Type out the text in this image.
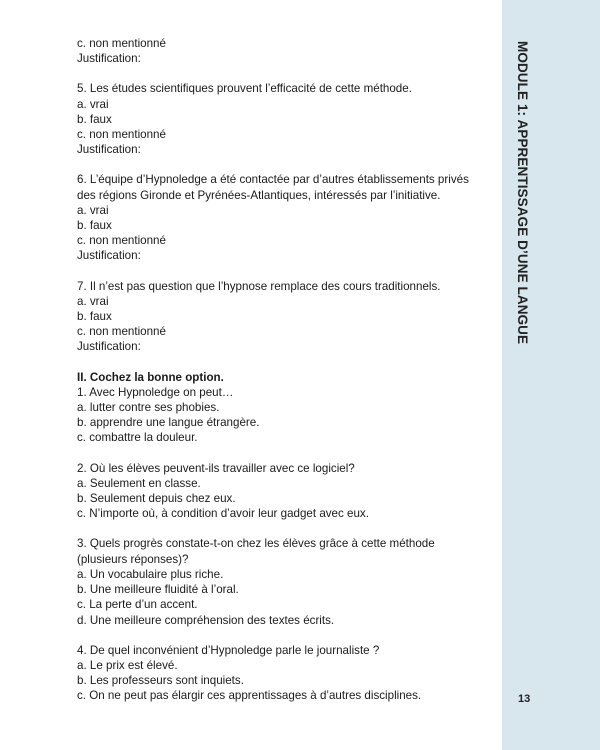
c. non mentionné
Justification:
5. Les études scientifiques prouvent l’efficacité de cette méthode.
a. vrai
b. faux
c. non mentionné
Justification:
6. L’équipe d’Hypnoledge a été contactée par d’autres établissements privés des régions Gironde et Pyrénées-Atlantiques, intéressés par l’initiative.
a. vrai
b. faux
c. non mentionné
Justification:
7. Il n’est pas question que l’hypnose remplace des cours traditionnels.
a. vrai
b. faux
c. non mentionné
Justification:
II. Cochez la bonne option.
1. Avec Hypnoledge on peut…
a. lutter contre ses phobies.
b. apprendre une langue étrangère.
c. combattre la douleur.
2. Où les élèves peuvent-ils travailler avec ce logiciel?
a. Seulement en classe.
b. Seulement depuis chez eux.
c. N’importe où, à condition d’avoir leur gadget avec eux.
3. Quels progrès constate-t-on chez les élèves grâce à cette méthode (plusieurs réponses)?
a. Un vocabulaire plus riche.
b. Une meilleure fluidité à l’oral.
c. La perte d’un accent.
d. Une meilleure compréhension des textes écrits.
4. De quel inconvénient d’Hypnoledge parle le journaliste ?
a. Le prix est élevé.
b. Les professeurs sont inquiets.
c. On ne peut pas élargir ces apprentissages à d’autres disciplines.
MODULE 1: APPRENTISSAGE D’UNE LANGUE
13
